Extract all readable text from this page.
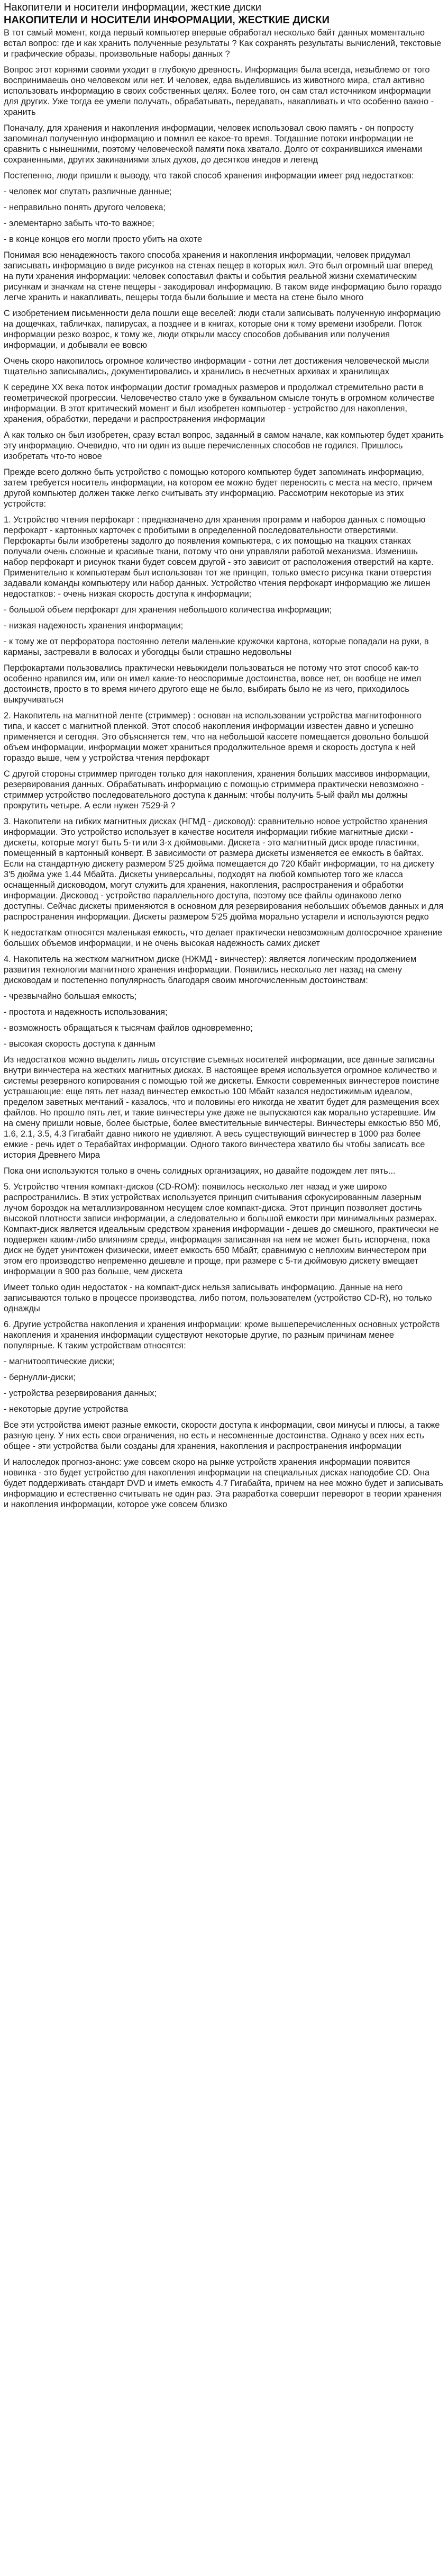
Накопители и носители информации, жесткие диски
НАКОПИТЕЛИ И НОСИТЕЛИ ИНФОРМАЦИИ, ЖЕСТКИЕ ДИСКИ

В тот самый момент, когда первый компьютер впервые обработал несколько байт данных моментально встал вопрос: где и как хранить полученные результаты ? Как сохранять результаты вычислений, текстовые и графические образы, произвольные наборы данных ?

Вопрос этот корнями своими уходит в глубокую древность. Информация была всегда, незыблемо от того воспринимаешь оно человеком или нет. И человек, едва выделившись из животного мира, стал активно использовать информацию в своих собственных целях. Более того, он сам стал источником информации для других. Уже тогда ее умели получать, обрабатывать, передавать, накапливать и что особенно важно - хранить

Поначалу, для хранения и накопления информации, человек использовал свою память - он попросту запоминал полученную информацию и помнил ее какое-то время. Тогдашние потоки информации не сравнить с нынешними, поэтому человеческой памяти пока хватало. Долго от сохранившихся именами сохраненными, других закинаниями злых духов, до десятков инедов и легенд

Постепенно, люди пришли к выводу, что такой способ хранения информации имеет ряд недостатков:

- человек мог спутать различные данные;

- неправильно понять другого человека;

- элементарно забыть что-то важное;

- в конце концов его могли просто убить на охоте

Понимая всю ненадежность такого способа хранения и накопления информации, человек придумал записывать информацию в виде рисунков на стенах пещер в которых жил. Это был огромный шаг вперед на пути хранения информации: человек сопоставил факты и события реальной жизни схематическим рисункам и значкам на стене пещеры - закодировал информацию. В таком виде информацию было гораздо легче хранить и накапливать, пещеры тогда были большие и места на стене было много

С изобретением письменности дела пошли еще веселей: люди стали записывать полученную информацию на дощечках, табличках, папирусах, а позднее и в книгах, которые они к тому времени изобрели. Поток информации резко возрос, к тому же, люди открыли массу способов добывания или получения информации, и добывали ее вовсю

Очень скоро накопилось огромное количество информации - сотни лет достижения человеческой мысли тщательно записывались, документировались и хранились в несчетных архивах и хранилищах

К середине XX века поток информации достиг громадных размеров и продолжал стремительно расти в геометрической прогрессии. Человечество стало уже в буквальном смысле тонуть в огромном количестве информации. В этот критический момент и был изобретен компьютер - устройство для накопления, хранения, обработки, передачи и распространения информации

А как только он был изобретен, сразу встал вопрос, заданный в самом начале, как компьютер будет хранить эту информацию. Очевидно, что ни один из выше перечисленных способов не годился. Пришлось изобретать что-то новое

Прежде всего должно быть устройство с помощью которого компьютер будет запоминать информацию, затем требуется носитель информации, на котором ее можно будет переносить с места на место, причем другой компьютер должен также легко считывать эту информацию. Рассмотрим некоторые из этих устройств:

1. Устройство чтения перфокарт : предназначено для хранения программ и наборов данных с помощью перфокарт - картонных карточек с пробитыми в определенной последовательности отверстиями. Перфокарты были изобретены задолго до появления компьютера, с их помощью на ткацких станках получали очень сложные и красивые ткани, потому что они управляли работой механизма. Изменишь набор перфокарт и рисунок ткани будет совсем другой - это зависит от расположения отверстий на карте. Применительно к компьютерам был использован тот же принцип, только вместо рисунка ткани отверстия задавали команды компьютеру или набор данных. Устройство чтения перфокарт информацию же лишен недостатков: - очень низкая скорость доступа к информации;

- большой объем перфокарт для хранения небольшого количества информации;

- низкая надежность хранения информации;

- к тому же от перфоратора постоянно летели маленькие кружочки картона, которые попадали на руки, в карманы, застревали в волосах и убогодцы были страшно недовольны

Перфокартами пользовались практически невыжидели пользоваться не потому что этот способ как-то особенно нравился им, или он имел какие-то неоспоримые достоинства, вовсе нет, он вообще не имел достоинств, просто в то время ничего другого еще не было, выбирать было не из чего, приходилось выкручиваться

2. Накопитель на магнитной ленте (стриммер) : основан на использовании устройства магнитофонного типа, и кассет с магнитной пленкой. Этот способ накопления информации известен давно и успешно применяется и сегодня. Это объясняется тем, что на небольшой кассете помещается довольно большой объем информации, информации может храниться продолжительное время и скорость доступа к ней гораздо выше, чем у устройства чтения перфокарт

С другой стороны стриммер пригоден только для накопления, хранения больших массивов информации, резервирования данных. Обрабатывать информацию с помощью стриммера практически невозможно - стриммер устройство последовательного доступа к данным: чтобы получить 5-ый файл мы должны прокрутить четыре. А если нужен 7529-й ?

3. Накопители на гибких магнитных дисках (НГМД - дисковод): сравнительно новое устройство хранения информации. Это устройство использует в качестве носителя информации гибкие магнитные диски - дискеты, которые могут быть 5-ти или 3-х дюймовыми. Дискета - это магнитный диск вроде пластинки, помещенный в картонный конверт. В зависимости от размера дискеты изменяется ее емкость в байтах. Если на стандартную дискету размером 5'25 дюйма помещается до 720 Кбайт информации, то на дискету 3'5 дюйма уже 1.44 Мбайта. Дискеты универсальны, подходят на любой компьютер того же класса оснащенный дисководом, могут служить для хранения, накопления, распространения и обработки информации. Дисковод - устройство параллельного доступа, поэтому все файлы одинаково легко доступны. Сейчас дискеты применяются в основном для резервирования небольших объемов данных и для распространения информации. Дискеты размером 5'25 дюйма морально устарели и используются редко

К недостаткам относятся маленькая емкость, что делает практически невозможным долгосрочное хранение больших объемов информации, и не очень высокая надежность самих дискет

4. Накопитель на жестком магнитном диске (НЖМД - винчестер): является логическим продолжением развития технологии магнитного хранения информации. Появились несколько лет назад на смену дисководам и постепенно популярность благодаря своим многочисленным достоинствам:

- чрезвычайно большая емкость;

- простота и надежность использования;

- возможность обращаться к тысячам файлов одновременно;

- высокая скорость доступа к данным

Из недостатков можно выделить лишь отсутствие съемных носителей информации, все данные записаны внутри винчестера на жестких магнитных дисках. В настоящее время используется огромное количество и системы резервного копирования с помощью той же дискеты. Емкости современных винчестеров поистине устрашающие: еще пять лет назад винчестер емкостью 100 Мбайт казался недостижимым идеалом, пределом заветных мечтаний - казалось, что и половины его никогда не хватит будет для размещения всех файлов. Но прошло пять лет, и такие винчестеры уже даже не выпускаются как морально устаревшие. Им на смену пришли новые, более быстрые, более вместительные винчестеры. Винчестеры емкостью 850 Мб, 1.6, 2.1, 3.5, 4.3 Гигабайт давно никого не удивляют. А весь существующий винчестер в 1000 раз более емкие - речь идет о Терабайтах информации. Одного такого винчестера хватило бы чтобы записать все история Древнего Мира

Пока они используются только в очень солидных организациях, но давайте подождем лет пять...

5. Устройство чтения компакт-дисков (CD-ROM): появилось несколько лет назад и уже широко распространились. В этих устройствах используется принцип считывания сфокусированным лазерным лучом бороздок на металлизированном несущем слое компакт-диска. Этот принцип позволяет достичь высокой плотности записи информации, а следовательно и большой емкости при минимальных размерах. Компакт-диск является идеальным средством хранения информации - дешев до смешного, практически не подвержен каким-либо влияниям среды, информация записанная на нем не может быть испорчена, пока диск не будет уничтожен физически, имеет емкость 650 Мбайт, сравнимую с неплохим винчестером при этом его производство непременно дешевле и проще, при размере с 5-ти дюймовую дискету вмещает информации в 900 раз больше, чем дискета

Имеет только один недостаток - на компакт-диск нельзя записывать информацию. Данные на него записываются только в процессе производства, либо потом, пользователем (устройство CD-R), но только однажды

6. Другие устройства накопления и хранения информации: кроме вышеперечисленных основных устройств накопления и хранения информации существуют некоторые другие, по разным причинам менее популярные. К таким устройствам относятся:

- магнитооптические диски;

- бернулли-диски;

- устройства резервирования данных;

- некоторые другие устройства

Все эти устройства имеют разные емкости, скорости доступа к информации, свои минусы и плюсы, а также разную цену. У них есть свои ограничения, но есть и несомненные достоинства. Однако у всех них есть общее - эти устройства были созданы для хранения, накопления и распространения информации

И напоследок прогноз-анонс: уже совсем скоро на рынке устройств хранения информации появится новинка - это будет устройство для накопления информации на специальных дисках наподобие CD. Она будет поддерживать стандарт DVD и иметь емкость 4.7 Гигабайта, причем на нее можно будет и записывать информацию и естественно считывать не один раз. Эта разработка совершит переворот в теории хранения и накопления информации, которое уже совсем близко
